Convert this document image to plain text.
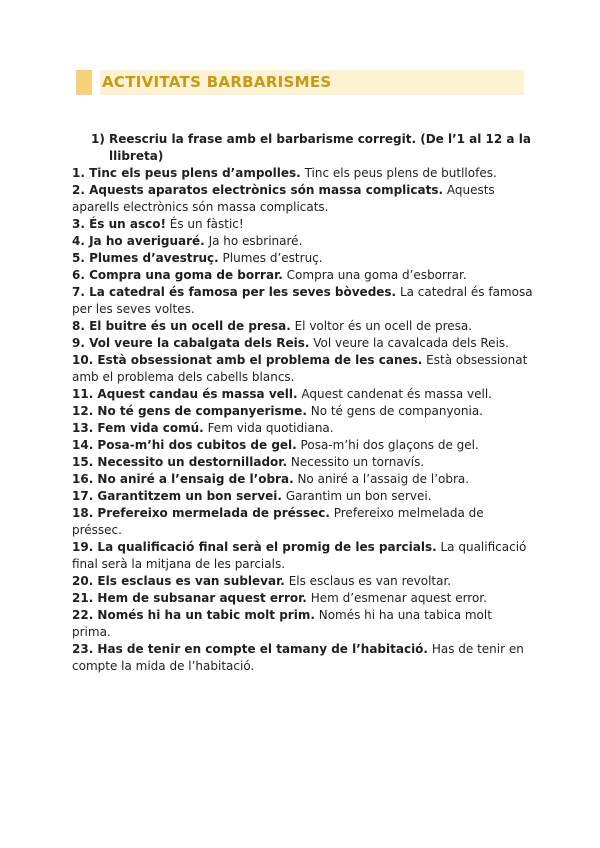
ACTIVITATS BARBARISMES
1) Reescriu la frase amb el barbarisme corregit. (De l’1 al 12 a la llibreta)

1. Tinc els peus plens d’ampolles. Tinc els peus plens de butllofes.

2. Aquests aparatos electrònics són massa complicats. Aquests aparells electrònics són massa complicats.

3. És un asco! És un fàstic!

4. Ja ho averiguaré. Ja ho esbrinaré.

5. Plumes d’avestruç. Plumes d’estruç.

6. Compra una goma de borrar. Compra una goma d’esborrar.

7. La catedral és famosa per les seves bòvedes. La catedral és famosa per les seves voltes.

8. El buitre és un ocell de presa. El voltor és un ocell de presa.

9. Vol veure la cabalgata dels Reis. Vol veure la cavalcada dels Reis.

10. Està obsessionat amb el problema de les canes. Està obsessionat amb el problema dels cabells blancs.

11. Aquest candau és massa vell. Aquest candenat és massa vell.

12. No té gens de companyerisme. No té gens de companyonia.

13. Fem vida comú. Fem vida quotidiana.

14. Posa-m’hi dos cubitos de gel. Posa-m’hi dos glaçons de gel.

15. Necessito un destornillador. Necessito un tornavís.

16. No aniré a l’ensaig de l’obra. No aniré a l’assaig de l’obra.

17. Garantitzem un bon servei. Garantim un bon servei.

18. Prefereixo mermelada de préssec. Prefereixo melmelada de préssec.

19. La qualificació final serà el promig de les parcials. La qualificació final serà la mitjana de les parcials.

20. Els esclaus es van sublevar. Els esclaus es van revoltar.

21. Hem de subsanar aquest error. Hem d’esmenar aquest error.

22. Només hi ha un tabic molt prim. Només hi ha una tabica molt prima.

23. Has de tenir en compte el tamany de l’habitació. Has de tenir en compte la mida de l’habitació.
